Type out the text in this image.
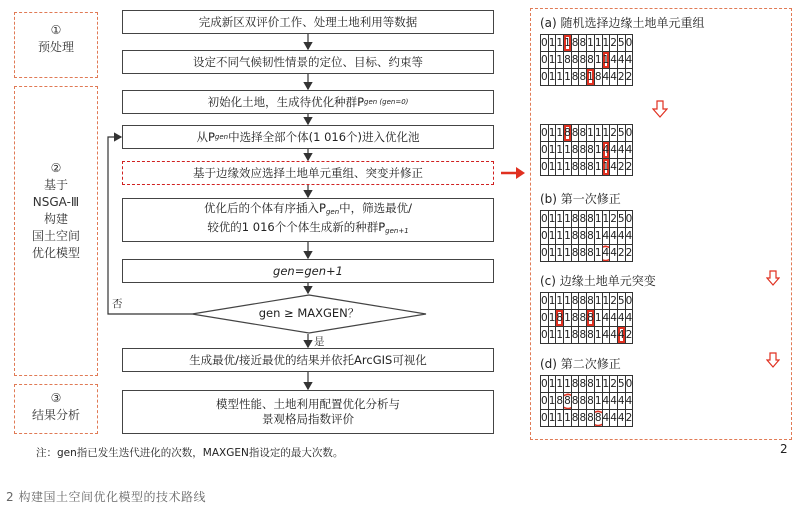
①
预处理
②
基于
NSGA-Ⅲ
构建
国土空间
优化模型
③
结果分析
完成新区双评价工作、处理土地利用等数据
设定不同气候韧性情景的定位、目标、约束等
初始化土地，生成待优化种群P gen (gen=0)
从P gen 中选择全部个体(1 016个)进入优化池
基于边缘效应选择土地单元重组、突变并修正
优化后的个体有序插入$P_{gen}$中，筛选最优/
较优的1 016个个体生成新的种群$P_{gen+1}$
gen=gen+1
gen ≥ MAXGEN？
生成最优/接近最优的结果并依托ArcGIS可视化
模型性能、土地利用配置优化分析与
景观格局指数评价
否
是
注：gen指已发生迭代进化的次数，MAXGEN指设定的最大次数。
2 构建国土空间优化模型的技术路线
2
(a) 随机选择边缘土地单元重组
0	1	1	1	8	8	1	1	1	2	5	0
0	1	1	8	8	8	8	1	1	4	4	4
0	1	1	1	8	8	1	8	4	4	2	2
0	1	1	8	8	8	1	1	1	2	5	0
0	1	1	1	8	8	8	1	4	4	4	4
0	1	1	1	8	8	8	1	1	4	2	2
(b) 第一次修正
0	1	1	1	8	8	8	1	1	2	5	0
0	1	1	1	8	8	8	1	4	4	4	4
0	1	1	1	8	8	8	1	4	4	2	2
(c) 边缘土地单元突变
0	1	1	1	8	8	8	1	1	2	5	0
0	1	8	1	8	8	8	1	4	4	4	4
0	1	1	1	8	8	8	1	4	4	4	2
(d) 第二次修正
0	1	1	1	8	8	8	1	1	2	5	0
0	1	8	8	8	8	8	1	4	4	4	4
0	1	1	1	8	8	8	8	4	4	4	2
